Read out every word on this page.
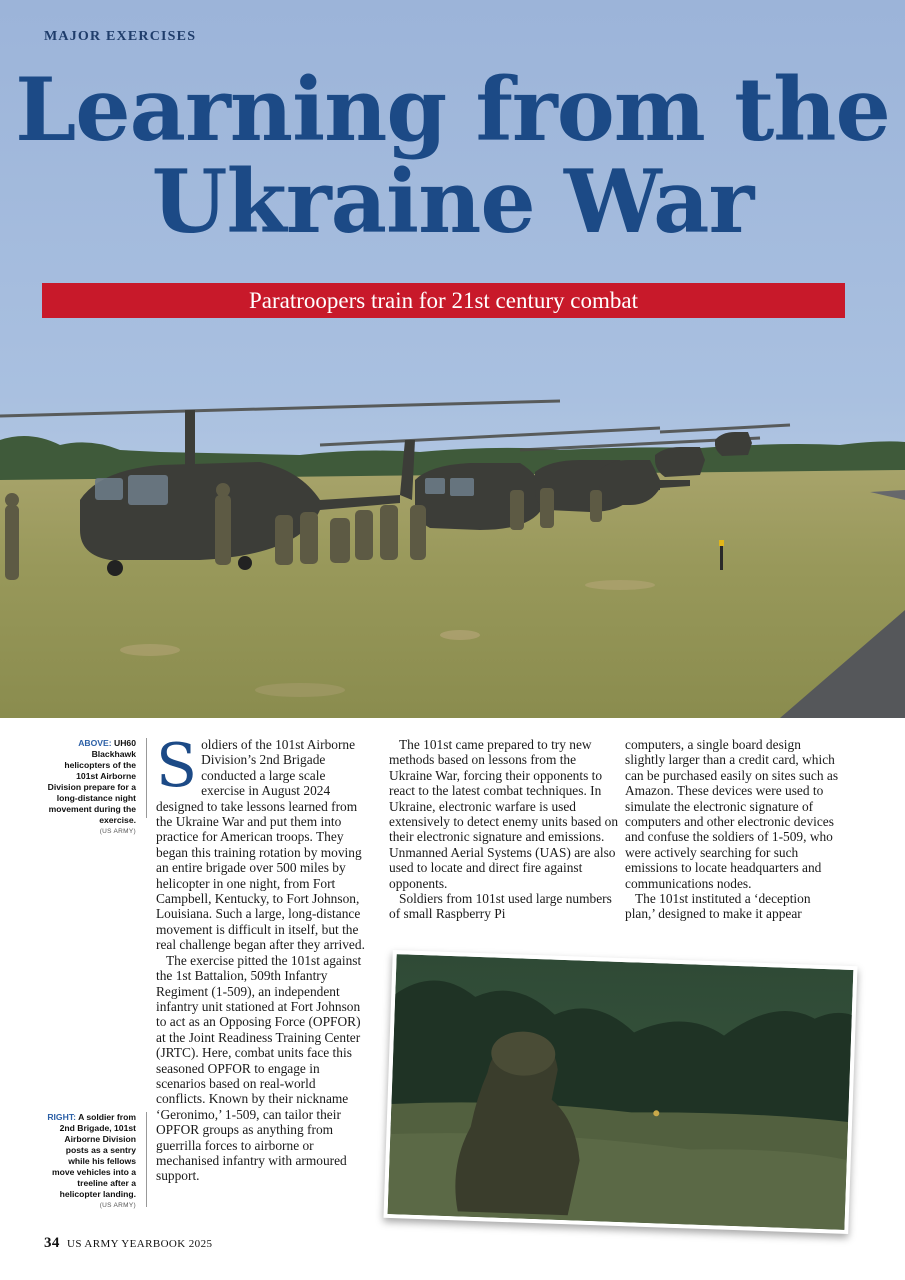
MAJOR EXERCISES
Learning from the
Ukraine War
Paratroopers train for 21st century combat
ABOVE: UH60 Blackhawk helicopters of the 101st Airborne Division prepare for a long-distance night movement during the exercise.
(US ARMY)
RIGHT: A soldier from 2nd Brigade, 101st Airborne Division posts as a sentry while his fellows move vehicles into a treeline after a helicopter landing.
(US ARMY)

Soldiers of the 101st Airborne Division’s 2nd Brigade conducted a large scale exercise in August 2024 designed to take lessons learned from the Ukraine War and put them into practice for American troops. They began this training rotation by moving an entire brigade over 500 miles by helicopter in one night, from Fort Campbell, Kentucky, to Fort Johnson, Louisiana. Such a large, long-distance movement is difficult in itself, but the real challenge began after they arrived.

The exercise pitted the 101st against the 1st Battalion, 509th Infantry Regiment (1-509), an independent infantry unit stationed at Fort Johnson to act as an Opposing Force (OPFOR) at the Joint Readiness Training Center (JRTC). Here, combat units face this seasoned OPFOR to engage in scenarios based on real-world conflicts. Known by their nickname ‘Geronimo,’ 1-509, can tailor their OPFOR groups as anything from guerrilla forces to airborne or mechanised infantry with armoured support.

The 101st came prepared to try new methods based on lessons from the Ukraine War, forcing their opponents to react to the latest combat techniques. In Ukraine, electronic warfare is used extensively to detect enemy units based on their electronic signature and emissions. Unmanned Aerial Systems (UAS) are also used to locate and direct fire against opponents.

Soldiers from 101st used large numbers of small Raspberry Pi

computers, a single board design slightly larger than a credit card, which can be purchased easily on sites such as Amazon. These devices were used to simulate the electronic signature of computers and other electronic devices and confuse the soldiers of 1-509, who were actively searching for such emissions to locate headquarters and communications nodes.

The 101st instituted a ‘deception plan,’ designed to make it appear

34 US ARMY YEARBOOK 2025
